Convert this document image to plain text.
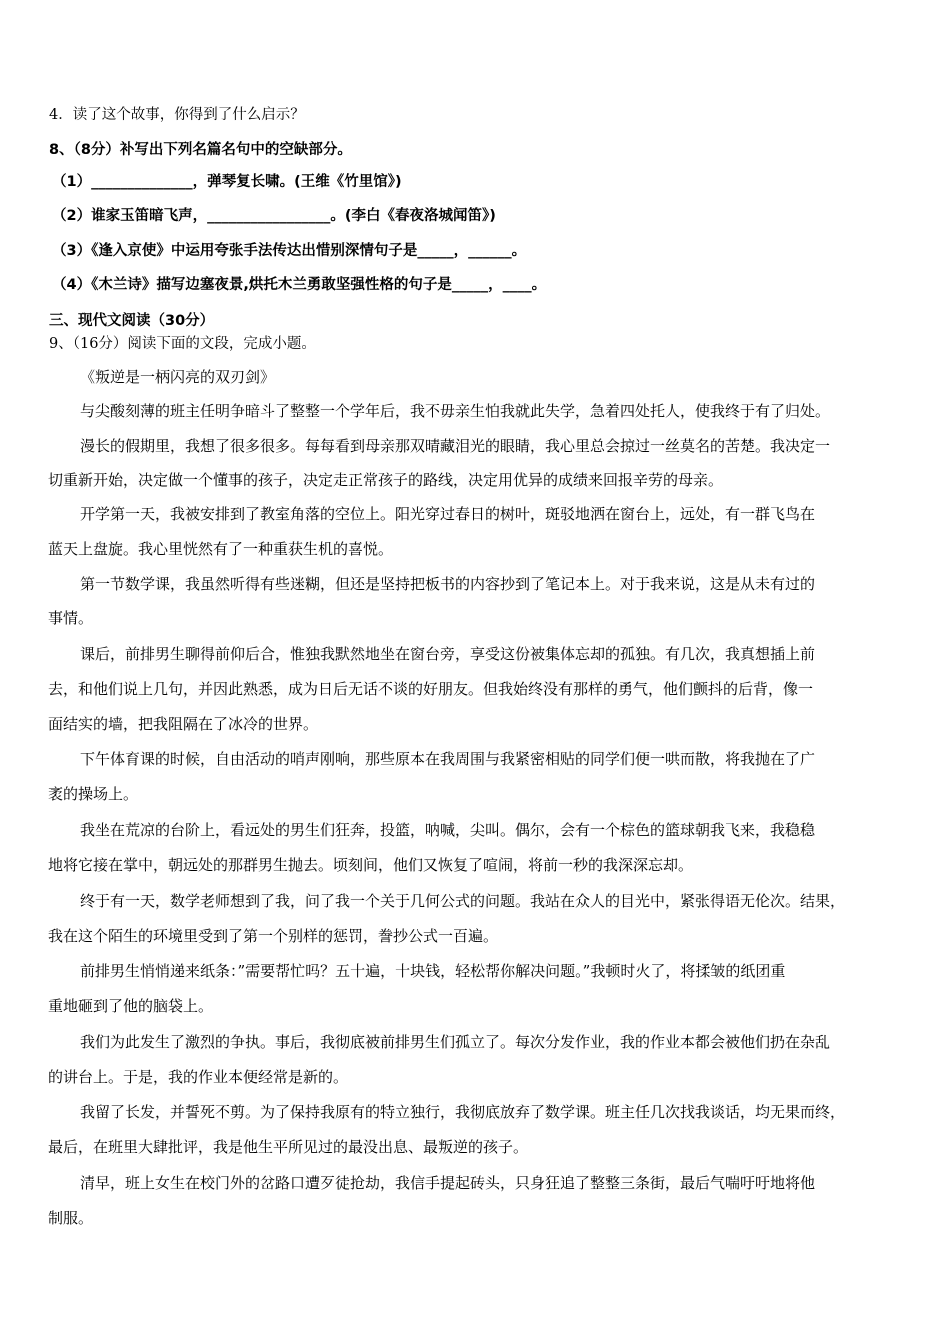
4．读了这个故事，你得到了什么启示？
8、（8分）补写出下列名篇名句中的空缺部分。
（1）______________，弹琴复长啸。(王维《竹里馆》)
（2）谁家玉笛暗飞声，_________________。(李白《春夜洛城闻笛》)
（3）《逢入京使》中运用夸张手法传达出惜别深情句子是_____，______。
（4）《木兰诗》描写边塞夜景,烘托木兰勇敢坚强性格的句子是_____，____。
三、现代文阅读（30分）
9、（16分）阅读下面的文段，完成小题。
《叛逆是一柄闪亮的双刃剑》
与尖酸刻薄的班主任明争暗斗了整整一个学年后，我不毋亲生怕我就此失学，急着四处托人，使我终于有了归处。
漫长的假期里，我想了很多很多。每每看到母亲那双晴藏泪光的眼睛，我心里总会掠过一丝莫名的苦楚。我决定一
切重新开始，决定做一个懂事的孩子，决定走正常孩子的路线，决定用优异的成绩来回报辛劳的母亲。
开学第一天，我被安排到了教室角落的空位上。阳光穿过春日的树叶，斑驳地洒在窗台上，远处，有一群飞鸟在
蓝天上盘旋。我心里恍然有了一种重获生机的喜悦。
第一节数学课，我虽然听得有些迷糊，但还是坚持把板书的内容抄到了笔记本上。对于我来说，这是从未有过的
事情。
课后，前排男生聊得前仰后合，惟独我默然地坐在窗台旁，享受这份被集体忘却的孤独。有几次，我真想插上前
去，和他们说上几句，并因此熟悉，成为日后无话不谈的好朋友。但我始终没有那样的勇气，他们颤抖的后背，像一
面结实的墙，把我阻隔在了冰冷的世界。
下午体育课的时候，自由活动的哨声刚响，那些原本在我周围与我紧密相贴的同学们便一哄而散，将我抛在了广
袤的操场上。
我坐在荒凉的台阶上，看远处的男生们狂奔，投篮，呐喊，尖叫。偶尔，会有一个棕色的篮球朝我飞来，我稳稳
地将它接在掌中，朝远处的那群男生抛去。顷刻间，他们又恢复了喧闹，将前一秒的我深深忘却。
终于有一天，数学老师想到了我，问了我一个关于几何公式的问题。我站在众人的目光中，紧张得语无伦次。结果，
我在这个陌生的环境里受到了第一个别样的惩罚，誊抄公式一百遍。
前排男生悄悄递来纸条：”需要帮忙吗？五十遍，十块钱，轻松帮你解决问题。”我顿时火了，将揉皱的纸团重
重地砸到了他的脑袋上。
我们为此发生了激烈的争执。事后，我彻底被前排男生们孤立了。每次分发作业，我的作业本都会被他们扔在杂乱
的讲台上。于是，我的作业本便经常是新的。
我留了长发，并誓死不剪。为了保持我原有的特立独行，我彻底放弃了数学课。班主任几次找我谈话，均无果而终，
最后，在班里大肆批评，我是他生平所见过的最没出息、最叛逆的孩子。
清早，班上女生在校门外的岔路口遭歹徒抢劫，我信手提起砖头，只身狂追了整整三条街，最后气喘吁吁地将他
制服。
